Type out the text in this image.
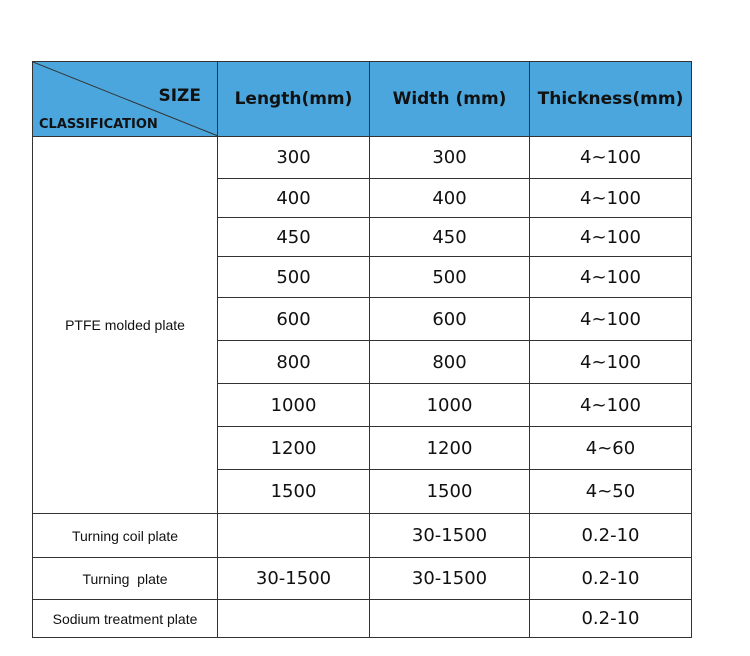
SIZE
CLASSIFICATION	Length(mm)	Width (mm)	Thickness(mm)
PTFE molded plate	300	300	4~100
	400	400	4~100
	450	450	4~100
	500	500	4~100
	600	600	4~100
	800	800	4~100
	1000	1000	4~100
	1200	1200	4~60
	1500	1500	4~50
Turning coil plate		30-1500	0.2-10
Turning  plate	30-1500	30-1500	0.2-10
Sodium treatment plate			0.2-10
